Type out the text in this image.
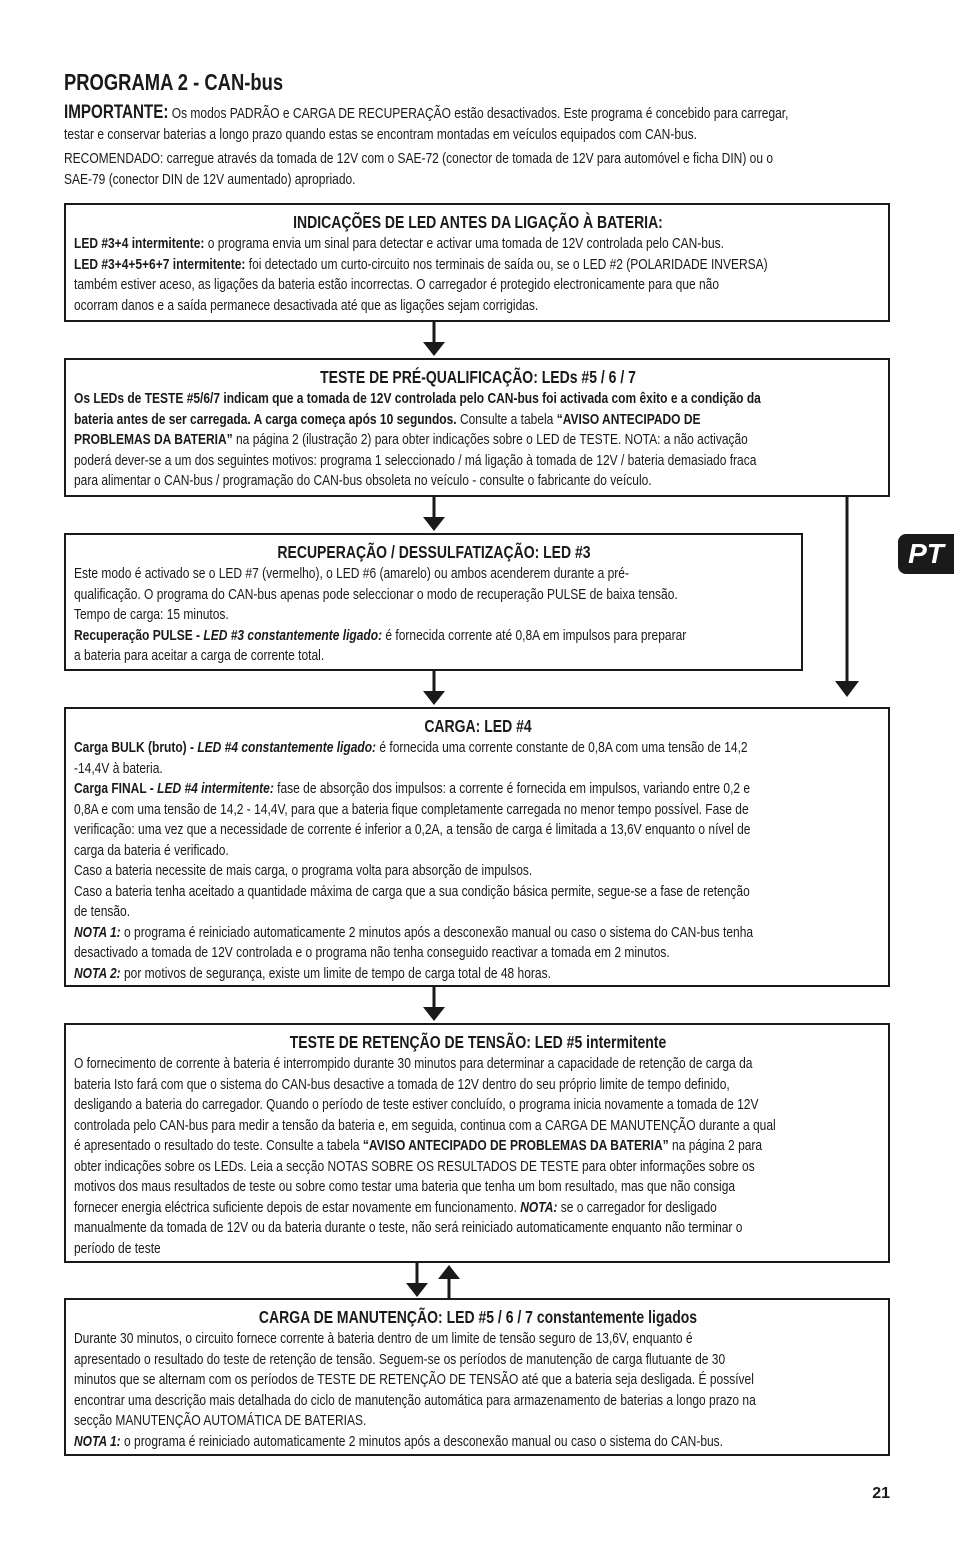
PROGRAMA 2 - CAN-bus

IMPORTANTE: Os modos PADRÃO e CARGA DE RECUPERAÇÃO estão desactivados. Este programa é concebido para carregar,
testar e conservar baterias a longo prazo quando estas se encontram montadas em veículos equipados com CAN-bus.

RECOMENDADO: carregue através da tomada de 12V com o SAE-72 (conector de tomada de 12V para automóvel e ficha DIN) ou o
SAE-79 (conector DIN de 12V aumentado) apropriado.

INDICAÇÕES DE LED ANTES DA LIGAÇÃO À BATERIA:
LED #3+4 intermitente: o programa envia um sinal para detectar e activar uma tomada de 12V controlada pelo CAN-bus.
LED #3+4+5+6+7 intermitente: foi detectado um curto-circuito nos terminais de saída ou, se o LED #2 (POLARIDADE INVERSA)
também estiver aceso, as ligações da bateria estão incorrectas. O carregador é protegido electronicamente para que não
ocorram danos e a saída permanece desactivada até que as ligações sejam corrigidas.
TESTE DE PRÉ-QUALIFICAÇÃO: LEDs #5 / 6 / 7
Os LEDs de TESTE #5/6/7 indicam que a tomada de 12V controlada pelo CAN-bus foi activada com êxito e a condição da
bateria antes de ser carregada. A carga começa após 10 segundos. Consulte a tabela “AVISO ANTECIPADO DE
PROBLEMAS DA BATERIA” na página 2 (ilustração 2) para obter indicações sobre o LED de TESTE. NOTA: a não activação
poderá dever-se a um dos seguintes motivos: programa 1 seleccionado / má ligação à tomada de 12V / bateria demasiado fraca
para alimentar o CAN-bus / programação do CAN-bus obsoleta no veículo - consulte o fabricante do veículo.
RECUPERAÇÃO / DESSULFATIZAÇÃO: LED #3
Este modo é activado se o LED #7 (vermelho), o LED #6 (amarelo) ou ambos acenderem durante a pré-
qualificação. O programa do CAN-bus apenas pode seleccionar o modo de recuperação PULSE de baixa tensão.
Tempo de carga: 15 minutos.
Recuperação PULSE - LED #3 constantemente ligado: é fornecida corrente até 0,8A em impulsos para preparar
a bateria para aceitar a carga de corrente total.
CARGA: LED #4
Carga BULK (bruto) - LED #4 constantemente ligado: é fornecida uma corrente constante de 0,8A com uma tensão de 14,2
-14,4V à bateria.
Carga FINAL - LED #4 intermitente: fase de absorção dos impulsos: a corrente é fornecida em impulsos, variando entre 0,2 e
0,8A e com uma tensão de 14,2 - 14,4V, para que a bateria fique completamente carregada no menor tempo possível. Fase de
verificação: uma vez que a necessidade de corrente é inferior a 0,2A, a tensão de carga é limitada a 13,6V enquanto o nível de
carga da bateria é verificado.
Caso a bateria necessite de mais carga, o programa volta para absorção de impulsos.
Caso a bateria tenha aceitado a quantidade máxima de carga que a sua condição básica permite, segue-se a fase de retenção
de tensão.
NOTA 1: o programa é reiniciado automaticamente 2 minutos após a desconexão manual ou caso o sistema do CAN-bus tenha
desactivado a tomada de 12V controlada e o programa não tenha conseguido reactivar a tomada em 2 minutos.
NOTA 2: por motivos de segurança, existe um limite de tempo de carga total de 48 horas.
TESTE DE RETENÇÃO DE TENSÃO: LED #5 intermitente
O fornecimento de corrente à bateria é interrompido durante 30 minutos para determinar a capacidade de retenção de carga da
bateria Isto fará com que o sistema do CAN-bus desactive a tomada de 12V dentro do seu próprio limite de tempo definido,
desligando a bateria do carregador. Quando o período de teste estiver concluído, o programa inicia novamente a tomada de 12V
controlada pelo CAN-bus para medir a tensão da bateria e, em seguida, continua com a CARGA DE MANUTENÇÃO durante a qual
é apresentado o resultado do teste. Consulte a tabela “AVISO ANTECIPADO DE PROBLEMAS DA BATERIA” na página 2 para
obter indicações sobre os LEDs. Leia a secção NOTAS SOBRE OS RESULTADOS DE TESTE para obter informações sobre os
motivos dos maus resultados de teste ou sobre como testar uma bateria que tenha um bom resultado, mas que não consiga
fornecer energia eléctrica suficiente depois de estar novamente em funcionamento. NOTA: se o carregador for desligado
manualmente da tomada de 12V ou da bateria durante o teste, não será reiniciado automaticamente enquanto não terminar o
período de teste
CARGA DE MANUTENÇÃO: LED #5 / 6 / 7 constantemente ligados
Durante 30 minutos, o circuito fornece corrente à bateria dentro de um limite de tensão seguro de 13,6V, enquanto é
apresentado o resultado do teste de retenção de tensão. Seguem-se os períodos de manutenção de carga flutuante de 30
minutos que se alternam com os períodos de TESTE DE RETENÇÃO DE TENSÃO até que a bateria seja desligada. É possível
encontrar uma descrição mais detalhada do ciclo de manutenção automática para armazenamento de baterias a longo prazo na
secção MANUTENÇÃO AUTOMÁTICA DE BATERIAS.
NOTA 1: o programa é reiniciado automaticamente 2 minutos após a desconexão manual ou caso o sistema do CAN-bus.
PT
21
